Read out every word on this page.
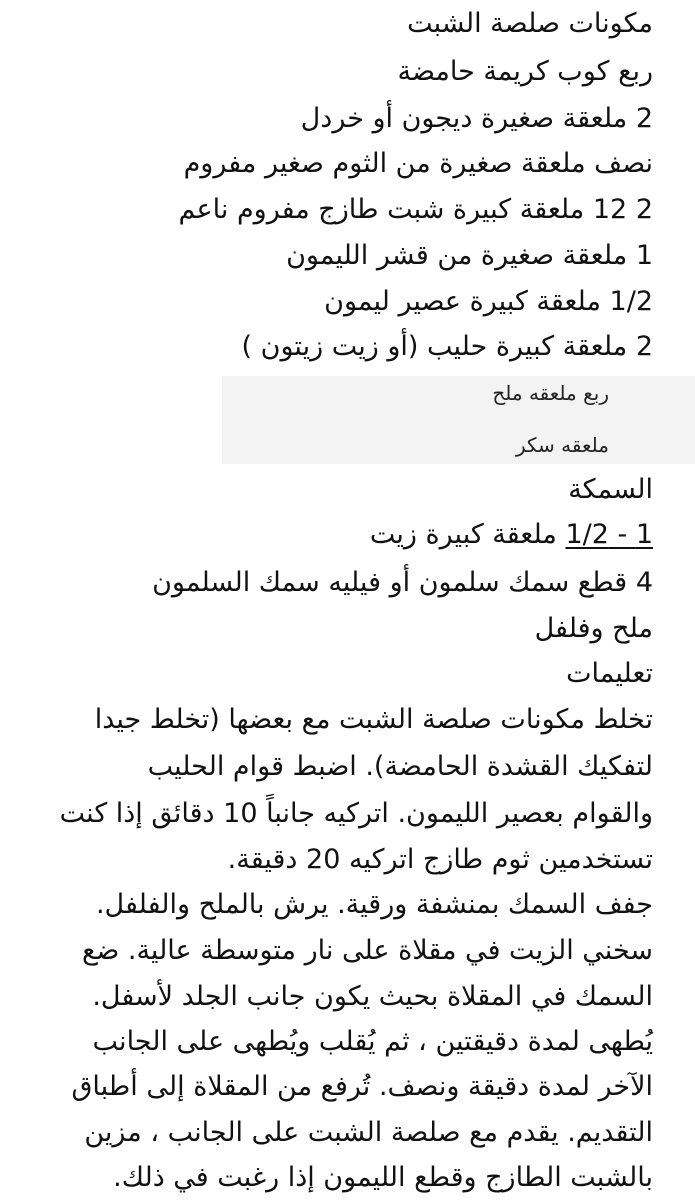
مكونات صلصة الشبت
ربع كوب كريمة حامضة
2 ملعقة صغيرة ديجون أو خردل
نصف ملعقة صغيرة من الثوم صغير مفروم
2 12 ملعقة كبيرة شبت طازج مفروم ناعم
1 ملعقة صغيرة من قشر الليمون
1/2 ملعقة كبيرة عصير ليمون
2 ملعقة كبيرة حليب (أو زيت زيتون )
ربع ملعقه ملح
ملعقه سكر
السمكة
1 - 1/2 ملعقة كبيرة زيت
4 قطع سمك سلمون أو فيليه سمك السلمون
ملح وفلفل
تعليمات
تخلط مكونات صلصة الشبت مع بعضها (تخلط جيدا
لتفكيك القشدة الحامضة). اضبط قوام الحليب
والقوام بعصير الليمون. اتركيه جانباً 10 دقائق إذا كنت
تستخدمين ثوم طازج اتركيه 20 دقيقة.
جفف السمك بمنشفة ورقية. يرش بالملح والفلفل.
سخني الزيت في مقلاة على نار متوسطة عالية. ضع
السمك في المقلاة بحيث يكون جانب الجلد لأسفل.
يُطهى لمدة دقيقتين ، ثم يُقلب ويُطهى على الجانب
الآخر لمدة دقيقة ونصف. تُرفع من المقلاة إلى أطباق
التقديم. يقدم مع صلصة الشبت على الجانب ، مزين
بالشبت الطازج وقطع الليمون إذا رغبت في ذلك.
